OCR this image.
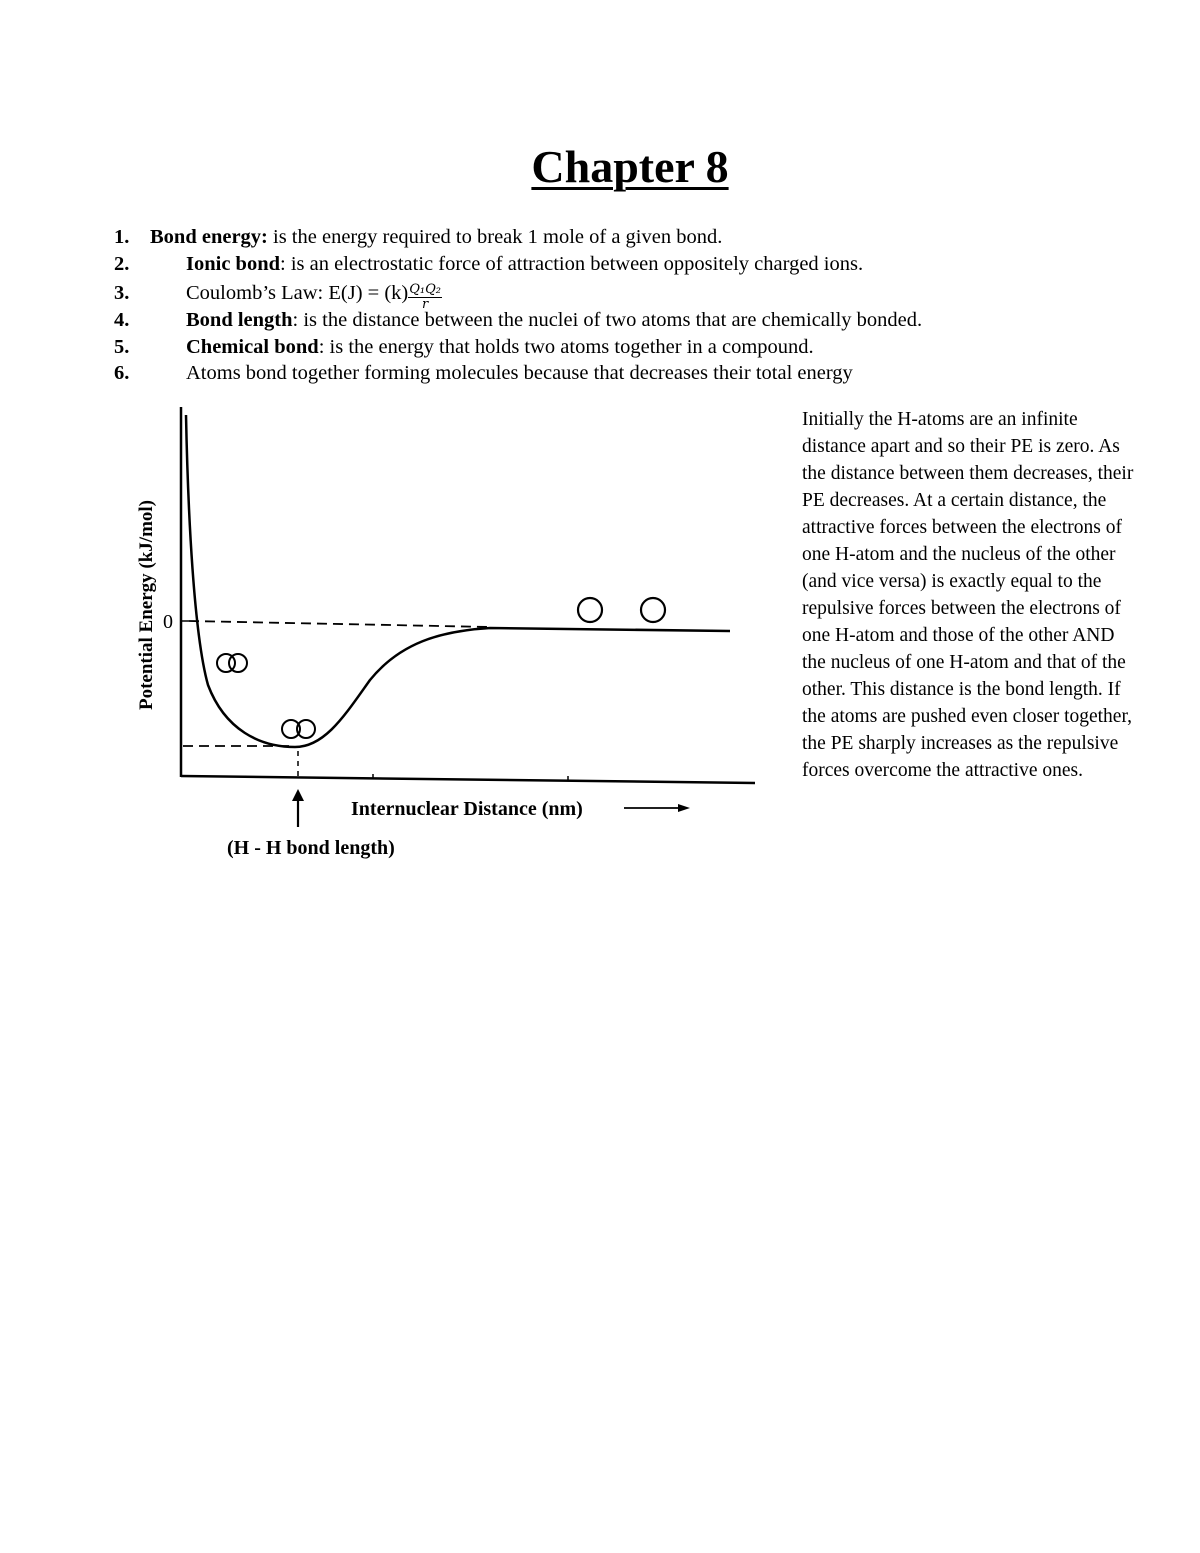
Chapter 8
1. Bond energy: is the energy required to break 1 mole of a given bond.
2.	Ionic bond: is an electrostatic force of attraction between oppositely charged ions.
3.	Coulomb’s Law: $E(J) = (k) \frac{\text{Q₁Q₂}}{r}$
4.	Bond length: is the distance between the nuclei of two atoms that are chemically bonded.
5.	Chemical bond: is the energy that holds two atoms together in a compound.
6.	Atoms bond together forming molecules because that decreases their total energy
Potential Energy (kJ/mol) 0
Internuclear Distance (nm)
(H - H bond length)
Initially the H-atoms are an infinite distance apart and so their PE is zero. As the distance between them decreases, their PE decreases. At a certain distance, the attractive forces between the electrons of one H-atom and the nucleus of the other (and vice versa) is exactly equal to the repulsive forces between the electrons of one H-atom and those of the other AND the nucleus of one H-atom and that of the other. This distance is the bond length. If the atoms are pushed even closer together, the PE sharply increases as the repulsive forces overcome the attractive ones.
